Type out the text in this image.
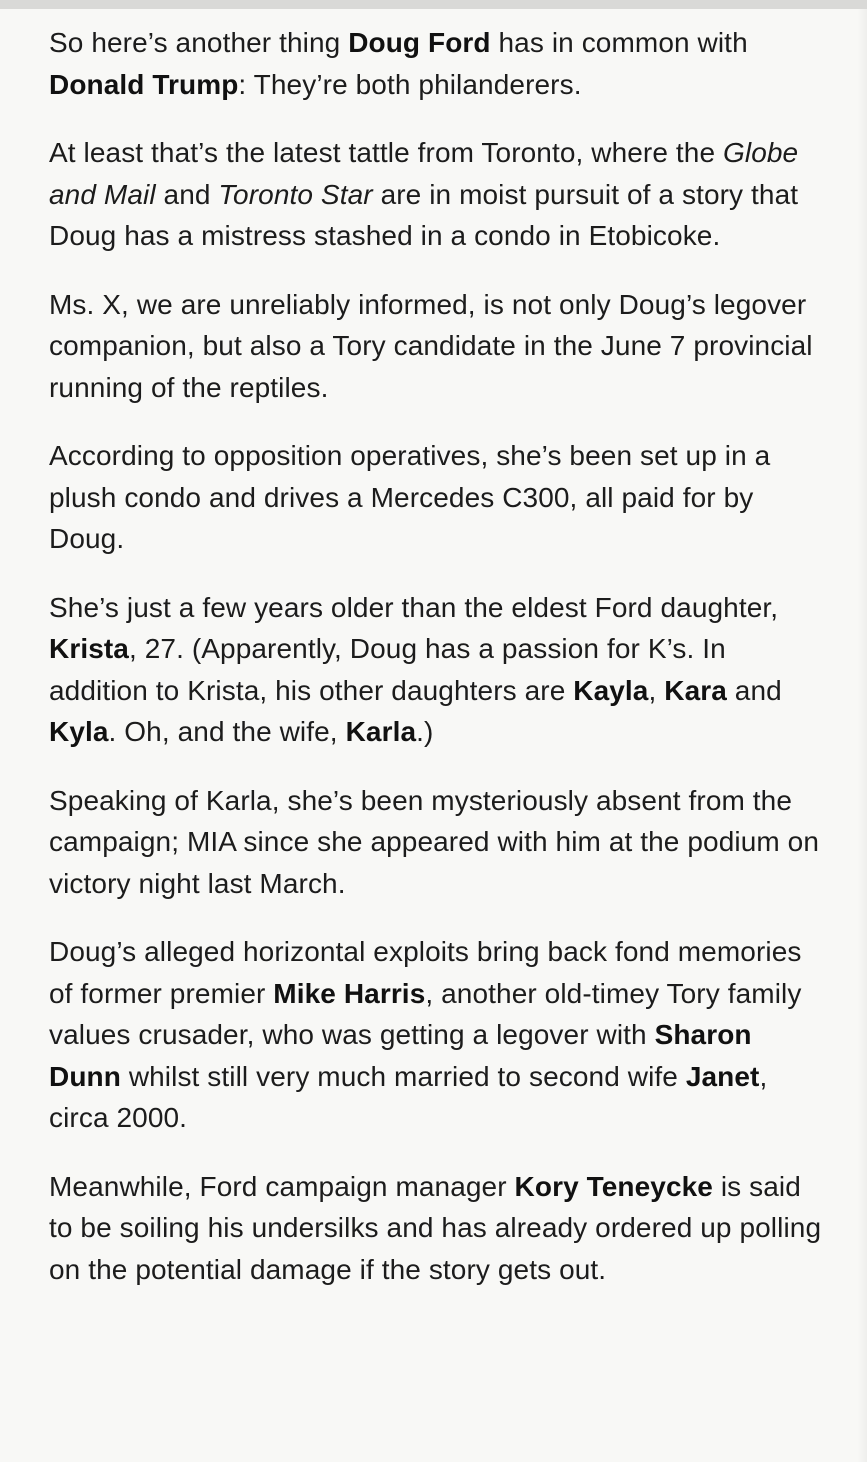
So here’s another thing Doug Ford has in common with Donald Trump: They’re both philanderers.

At least that’s the latest tattle from Toronto, where the Globe and Mail and Toronto Star are in moist pursuit of a story that Doug has a mistress stashed in a condo in Etobicoke.

Ms. X, we are unreliably informed, is not only Doug’s legover companion, but also a Tory candidate in the June 7 provincial running of the reptiles.

According to opposition operatives, she’s been set up in a plush condo and drives a Mercedes C300, all paid for by Doug.

She’s just a few years older than the eldest Ford daughter, Krista, 27. (Apparently, Doug has a passion for K’s. In addition to Krista, his other daughters are Kayla, Kara and Kyla. Oh, and the wife, Karla.)

Speaking of Karla, she’s been mysteriously absent from the campaign; MIA since she appeared with him at the podium on victory night last March.

Doug’s alleged horizontal exploits bring back fond memories of former premier Mike Harris, another old-timey Tory family values crusader, who was getting a legover with Sharon Dunn whilst still very much married to second wife Janet, circa 2000.

Meanwhile, Ford campaign manager Kory Teneycke is said to be soiling his undersilks and has already ordered up polling on the potential damage if the story gets out.
